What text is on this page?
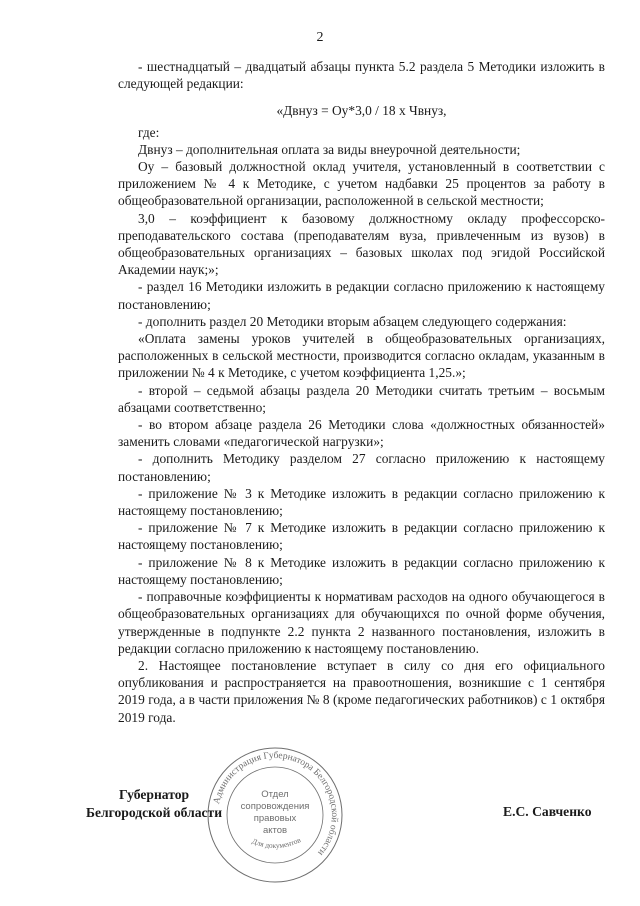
2

- шестнадцатый – двадцатый абзацы пункта 5.2 раздела 5 Методики изложить в следующей редакции:

«Двнуз = Оу*3,0 / 18 х Чвнуз,

где:

Двнуз – дополнительная оплата за виды внеурочной деятельности;

Оу – базовый должностной оклад учителя, установленный в соответствии с приложением № 4 к Методике, с учетом надбавки 25 процентов за работу в общеобразовательной организации, расположенной в сельской местности;

3,0 – коэффициент к базовому должностному окладу профессорско-преподавательского состава (преподавателям вуза, привлеченным из вузов) в общеобразовательных организациях – базовых школах под эгидой Российской Академии наук;»;

- раздел 16 Методики изложить в редакции согласно приложению к настоящему постановлению;

- дополнить раздел 20 Методики вторым абзацем следующего содержания:

«Оплата замены уроков учителей в общеобразовательных организациях, расположенных в сельской местности, производится согласно окладам, указанным в приложении № 4 к Методике, с учетом коэффициента 1,25.»;

- второй – седьмой абзацы раздела 20 Методики считать третьим – восьмым абзацами соответственно;

- во втором абзаце раздела 26 Методики слова «должностных обязанностей» заменить словами «педагогической нагрузки»;

- дополнить Методику разделом 27 согласно приложению к настоящему постановлению;

- приложение № 3 к Методике изложить в редакции согласно приложению к настоящему постановлению;

- приложение № 7 к Методике изложить в редакции согласно приложению к настоящему постановлению;

- приложение № 8 к Методике изложить в редакции согласно приложению к настоящему постановлению;

- поправочные коэффициенты к нормативам расходов на одного обучающегося в общеобразовательных организациях для обучающихся по очной форме обучения, утвержденные в подпункте 2.2 пункта 2 названного постановления, изложить в редакции согласно приложению к настоящему постановлению.

2. Настоящее постановление вступает в силу со дня его официального опубликования и распространяется на правоотношения, возникшие с 1 сентября 2019 года, а в части приложения № 8 (кроме педагогических работников) с 1 октября 2019 года.

Администрация Губернатора Белгородской области
Отдел
сопровождения
правовых
актов
Для документов
Губернатор
Белгородской области	Е.С. Савченко
